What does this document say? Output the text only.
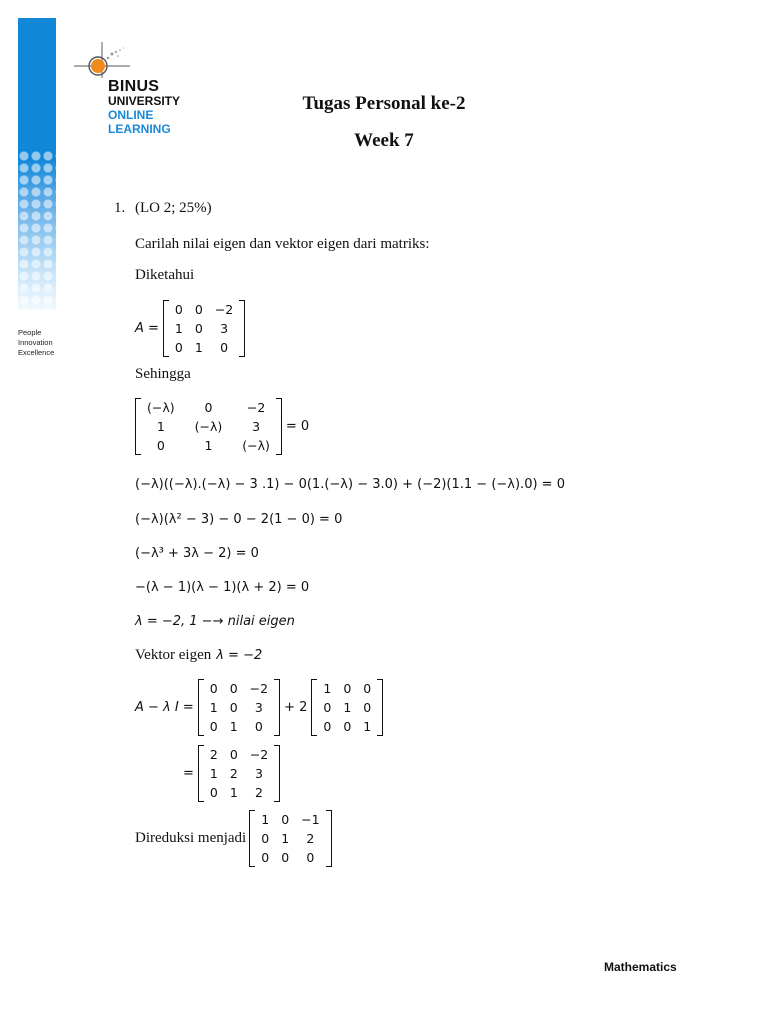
People
Innovation
Excellence
BINUS
UNIVERSITY
ONLINE
LEARNING
Tugas Personal ke-2
Week 7
1. (LO 2; 25%)
Carilah nilai eigen dan vektor eigen dari matriks:
Diketahui
A =
0	0	−2
1	0	3
0	1	0
Sehingga
(−λ)	0	−2
1	(−λ)	3
0	1	(−λ)
= 0
(−λ)((−λ).(−λ) − 3 .1) − 0(1.(−λ) − 3.0) + (−2)(1.1 − (−λ).0) = 0
(−λ)(λ² − 3) − 0 − 2(1 − 0) = 0
(−λ³ + 3λ − 2) = 0
−(λ − 1)(λ − 1)(λ + 2) = 0
λ = −2, 1 −→ nilai eigen
Vektor eigen λ = −2
A − λ I =
0	0	−2
1	0	3
0	1	0
+ 2
1	0	0
0	1	0
0	0	1
=
2	0	−2
1	2	3
0	1	2
Direduksi menjadi
1	0	−1
0	1	2
0	0	0
Mathematics
